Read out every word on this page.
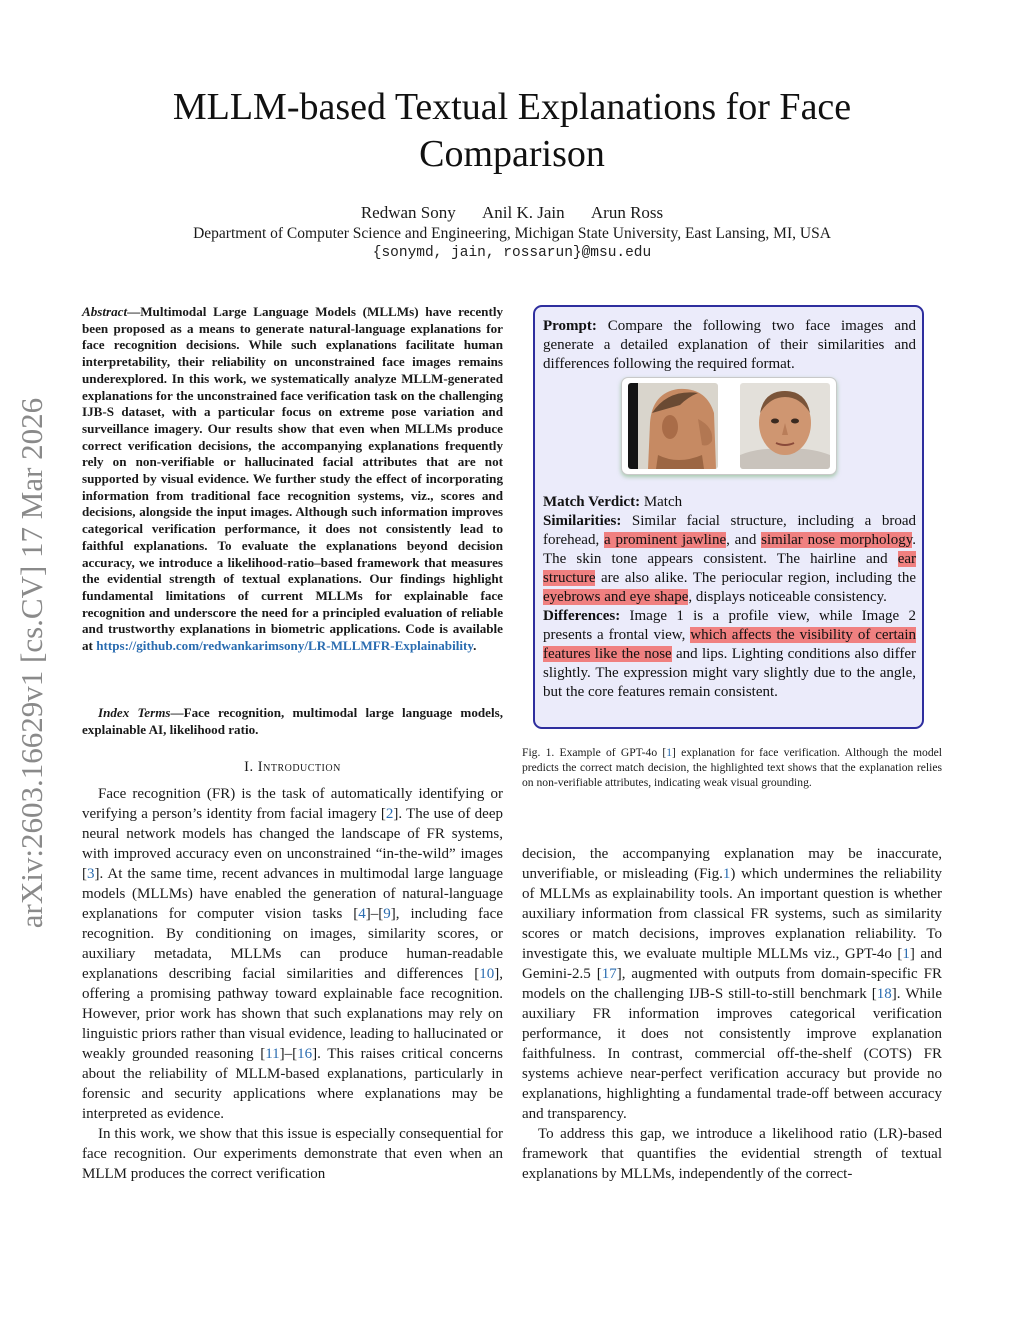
MLLM-based Textual Explanations for Face Comparison
Redwan Sony Anil K. Jain Arun Ross
Department of Computer Science and Engineering, Michigan State University, East Lansing, MI, USA
{sonymd, jain, rossarun}@msu.edu
arXiv:2603.16629v1 [cs.CV] 17 Mar 2026
Abstract—Multimodal Large Language Models (MLLMs) have recently been proposed as a means to generate natural-language explanations for face recognition decisions. While such explanations facilitate human interpretability, their reliability on unconstrained face images remains underexplored. In this work, we systematically analyze MLLM-generated explanations for the unconstrained face verification task on the challenging IJB-S dataset, with a particular focus on extreme pose variation and surveillance imagery. Our results show that even when MLLMs produce correct verification decisions, the accompanying explanations frequently rely on non-verifiable or hallucinated facial attributes that are not supported by visual evidence. We further study the effect of incorporating information from traditional face recognition systems, viz., scores and decisions, alongside the input images. Although such information improves categorical verification performance, it does not consistently lead to faithful explanations. To evaluate the explanations beyond decision accuracy, we introduce a likelihood-ratio–based framework that measures the evidential strength of textual explanations. Our findings highlight fundamental limitations of current MLLMs for explainable face recognition and underscore the need for a principled evaluation of reliable and trustworthy explanations in biometric applications. Code is available at https://github.com/redwankarimsony/LR-MLLMFR-Explainability.
Index Terms—Face recognition, multimodal large language models, explainable AI, likelihood ratio.
I. Introduction

Face recognition (FR) is the task of automatically identifying or verifying a person’s identity from facial imagery [2]. The use of deep neural network models has changed the landscape of FR systems, with improved accuracy even on unconstrained “in-the-wild” images [3]. At the same time, recent advances in multimodal large language models (MLLMs) have enabled the generation of natural-language explanations for computer vision tasks [4]–[9], including face recognition. By conditioning on images, similarity scores, or auxiliary metadata, MLLMs can produce human-readable explanations describing facial similarities and differences [10], offering a promising pathway toward explainable face recognition. However, prior work has shown that such explanations may rely on linguistic priors rather than visual evidence, leading to hallucinated or weakly grounded reasoning [11]–[16]. This raises critical concerns about the reliability of MLLM-based explanations, particularly in forensic and security applications where explanations may be interpreted as evidence.

In this work, we show that this issue is especially consequential for face recognition. Our experiments demonstrate that even when an MLLM produces the correct verification

Prompt: Compare the following two face images and generate a detailed explanation of their similarities and differences following the required format.
Match Verdict: Match
Similarities: Similar facial structure, including a broad forehead, a prominent jawline, and similar nose morphology. The skin tone appears consistent. The hairline and ear structure are also alike. The periocular region, including the eyebrows and eye shape, displays noticeable consistency.
Differences: Image 1 is a profile view, while Image 2 presents a frontal view, which affects the visibility of certain features like the nose and lips. Lighting conditions also differ slightly. The expression might vary slightly due to the angle, but the core features remain consistent.
Fig. 1. Example of GPT-4o [1] explanation for face verification. Although the model predicts the correct match decision, the highlighted text shows that the explanation relies on non-verifiable attributes, indicating weak visual grounding.

decision, the accompanying explanation may be inaccurate, unverifiable, or misleading (Fig.1) which undermines the reliability of MLLMs as explainability tools. An important question is whether auxiliary information from classical FR systems, such as similarity scores or match decisions, improves explanation reliability. To investigate this, we evaluate multiple MLLMs viz., GPT-4o [1] and Gemini-2.5 [17], augmented with outputs from domain-specific FR models on the challenging IJB-S still-to-still benchmark [18]. While auxiliary FR information improves categorical verification performance, it does not consistently improve explanation faithfulness. In contrast, commercial off-the-shelf (COTS) FR systems achieve near-perfect verification accuracy but provide no explanations, highlighting a fundamental trade-off between accuracy and transparency.

To address this gap, we introduce a likelihood ratio (LR)-based framework that quantifies the evidential strength of textual explanations by MLLMs, independently of the correct-
